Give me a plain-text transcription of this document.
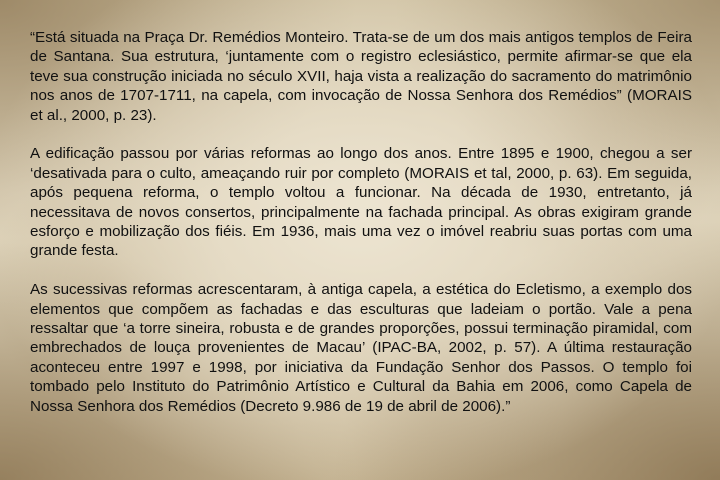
“Está situada na Praça Dr. Remédios Monteiro. Trata-se de um dos mais antigos templos de Feira de Santana. Sua estrutura, ‘juntamente com o registro eclesiástico, permite afirmar-se que ela teve sua construção iniciada no século XVII, haja vista a realização do sacramento do matrimônio nos anos de 1707-1711, na capela, com invocação de Nossa Senhora dos Remédios” (MORAIS et al., 2000, p. 23).

A edificação passou por várias reformas ao longo dos anos. Entre 1895 e 1900, chegou a ser ‘desativada para o culto, ameaçando ruir por completo (MORAIS et tal, 2000, p. 63). Em seguida, após pequena reforma, o templo voltou a funcionar. Na década de 1930, entretanto, já necessitava de novos consertos, principalmente na fachada principal. As obras exigiram grande esforço e mobilização dos fiéis. Em 1936, mais uma vez o imóvel reabriu suas portas com uma grande festa.

As sucessivas reformas acrescentaram, à antiga capela, a estética do Ecletismo, a exemplo dos elementos que compõem as fachadas e das esculturas que ladeiam o portão. Vale a pena ressaltar que ‘a torre sineira, robusta e de grandes proporções, possui terminação piramidal, com embrechados de louça provenientes de Macau’ (IPAC-BA, 2002, p. 57). A última restauração aconteceu entre 1997 e 1998, por iniciativa da Fundação Senhor dos Passos. O templo foi tombado pelo Instituto do Patrimônio Artístico e Cultural da Bahia em 2006, como Capela de Nossa Senhora dos Remédios (Decreto 9.986 de 19 de abril de 2006).”
